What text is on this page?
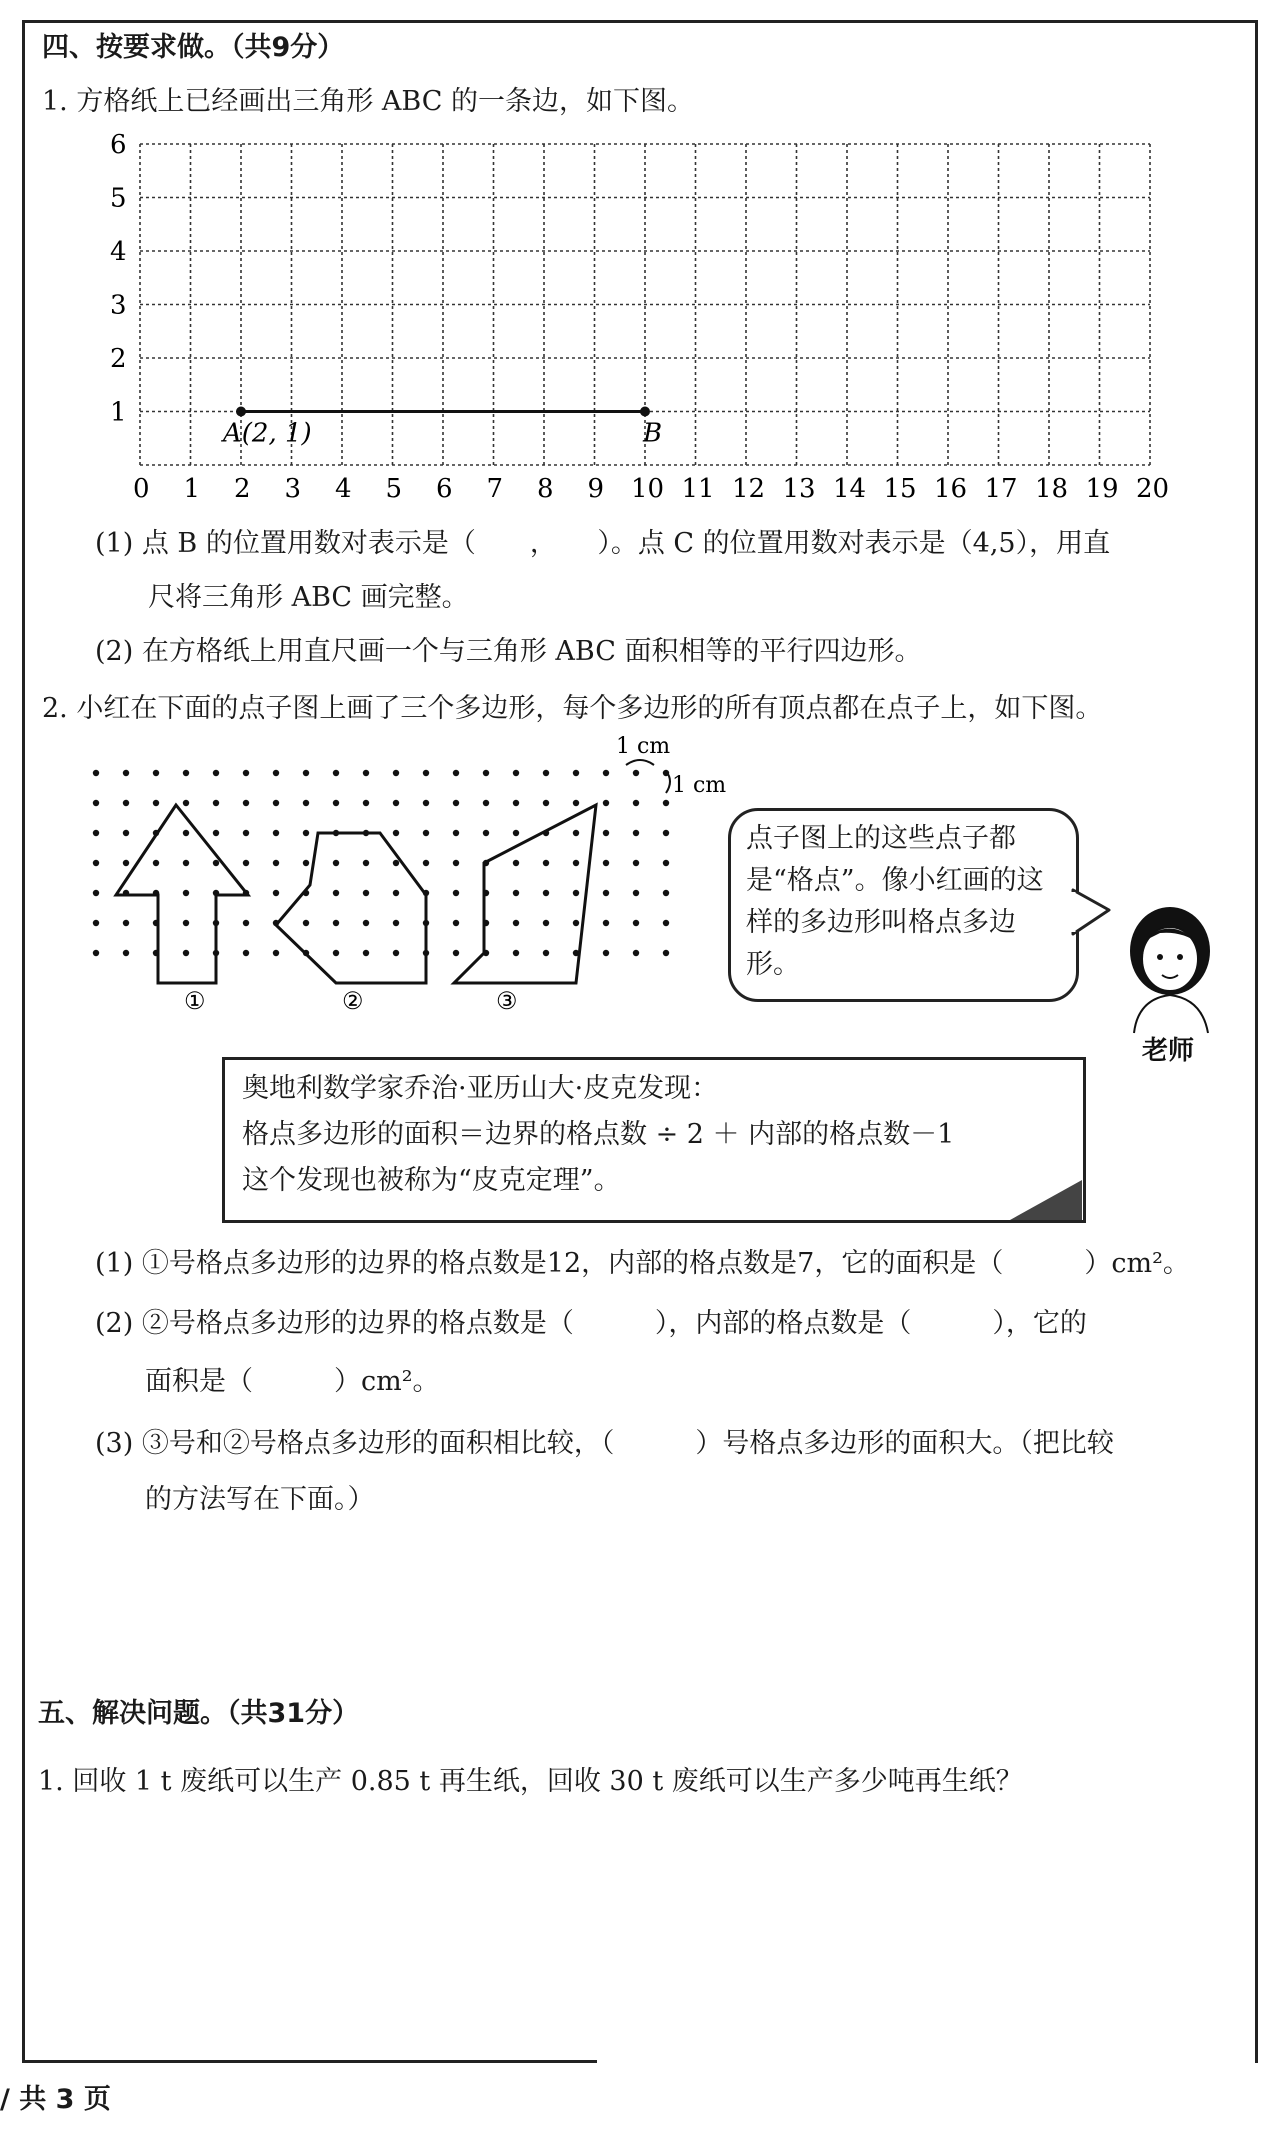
四、按要求做。（共9分）
1. 方格纸上已经画出三角形 ABC 的一条边，如下图。
6
5
4
3
2
1
0 1 2 3 4 5 6 7 8 9 10 11 12 13 14 15 16 17 18 19 20
A(2, 1)	B
(1) 点 B 的位置用数对表示是（　　，　　）。点 C 的位置用数对表示是（4,5），用直
尺将三角形 ABC 画完整。
(2) 在方格纸上用直尺画一个与三角形 ABC 面积相等的平行四边形。
2. 小红在下面的点子图上画了三个多边形，每个多边形的所有顶点都在点子上，如下图。
①	②	③
1 cm
1 cm
点子图上的这些点子都是“格点”。像小红画的这样的多边形叫格点多边形。
老师
奥地利数学家乔治·亚历山大·皮克发现：
格点多边形的面积＝边界的格点数 ÷ 2 ＋ 内部的格点数－1
这个发现也被称为“皮克定理”。
(1) ①号格点多边形的边界的格点数是12，内部的格点数是7，它的面积是（　　　）cm²。
(2) ②号格点多边形的边界的格点数是（　　　），内部的格点数是（　　　），它的
面积是（　　　）cm²。
(3) ③号和②号格点多边形的面积相比较，（　　　）号格点多边形的面积大。（把比较
的方法写在下面。）
五、解决问题。（共31分）
1. 回收 1 t 废纸可以生产 0.85 t 再生纸，回收 30 t 废纸可以生产多少吨再生纸？
/ 共 3 页
